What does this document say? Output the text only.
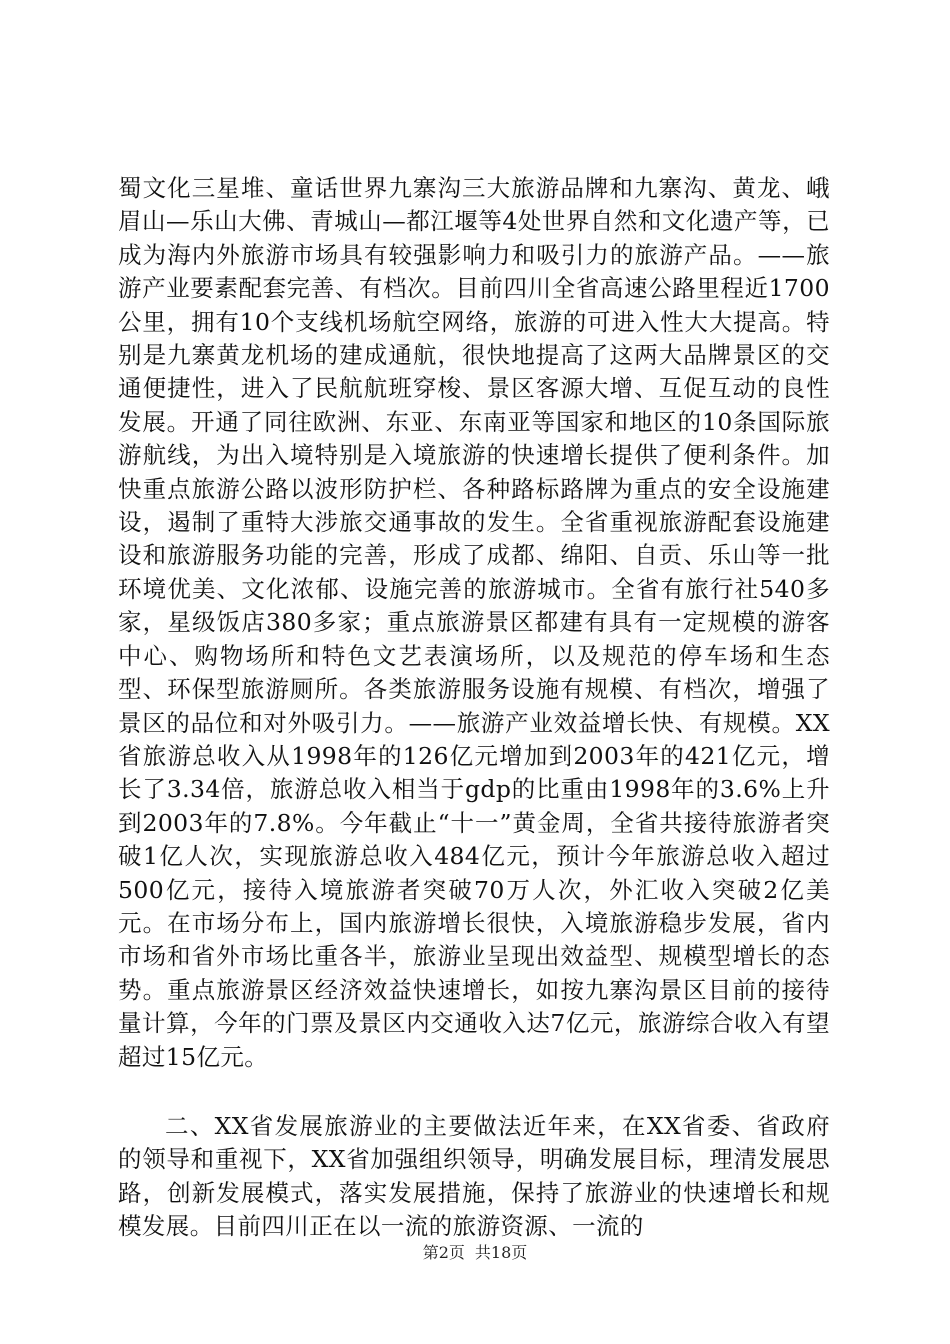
蜀文化三星堆、童话世界九寨沟三大旅游品牌和九寨沟、黄龙、峨眉山—乐山大佛、青城山—都江堰等4处世界自然和文化遗产等，已成为海内外旅游市场具有较强影响力和吸引力的旅游产品。——旅游产业要素配套完善、有档次。目前四川全省高速公路里程近1700公里，拥有10个支线机场航空网络，旅游的可进入性大大提高。特别是九寨黄龙机场的建成通航，很快地提高了这两大品牌景区的交通便捷性，进入了民航航班穿梭、景区客源大增、互促互动的良性发展。开通了同往欧洲、东亚、东南亚等国家和地区的10条国际旅游航线，为出入境特别是入境旅游的快速增长提供了便利条件。加快重点旅游公路以波形防护栏、各种路标路牌为重点的安全设施建设，遏制了重特大涉旅交通事故的发生。全省重视旅游配套设施建设和旅游服务功能的完善，形成了成都、绵阳、自贡、乐山等一批环境优美、文化浓郁、设施完善的旅游城市。全省有旅行社540多家，星级饭店380多家；重点旅游景区都建有具有一定规模的游客中心、购物场所和特色文艺表演场所，以及规范的停车场和生态型、环保型旅游厕所。各类旅游服务设施有规模、有档次，增强了景区的品位和对外吸引力。——旅游产业效益增长快、有规模。XX省旅游总收入从1998年的126亿元增加到2003年的421亿元，增长了3.34倍，旅游总收入相当于gdp的比重由1998年的3.6%上升到2003年的7.8%。今年截止“十一”黄金周，全省共接待旅游者突破1亿人次，实现旅游总收入484亿元，预计今年旅游总收入超过500亿元，接待入境旅游者突破70万人次，外汇收入突破2亿美元。在市场分布上，国内旅游增长很快，入境旅游稳步发展，省内市场和省外市场比重各半，旅游业呈现出效益型、规模型增长的态势。重点旅游景区经济效益快速增长，如按九寨沟景区目前的接待量计算，今年的门票及景区内交通收入达7亿元，旅游综合收入有望超过15亿元。

二、XX省发展旅游业的主要做法近年来，在XX省委、省政府的领导和重视下，XX省加强组织领导，明确发展目标，理清发展思路，创新发展模式，落实发展措施，保持了旅游业的快速增长和规模发展。目前四川正在以一流的旅游资源、一流的

第2页 共18页
